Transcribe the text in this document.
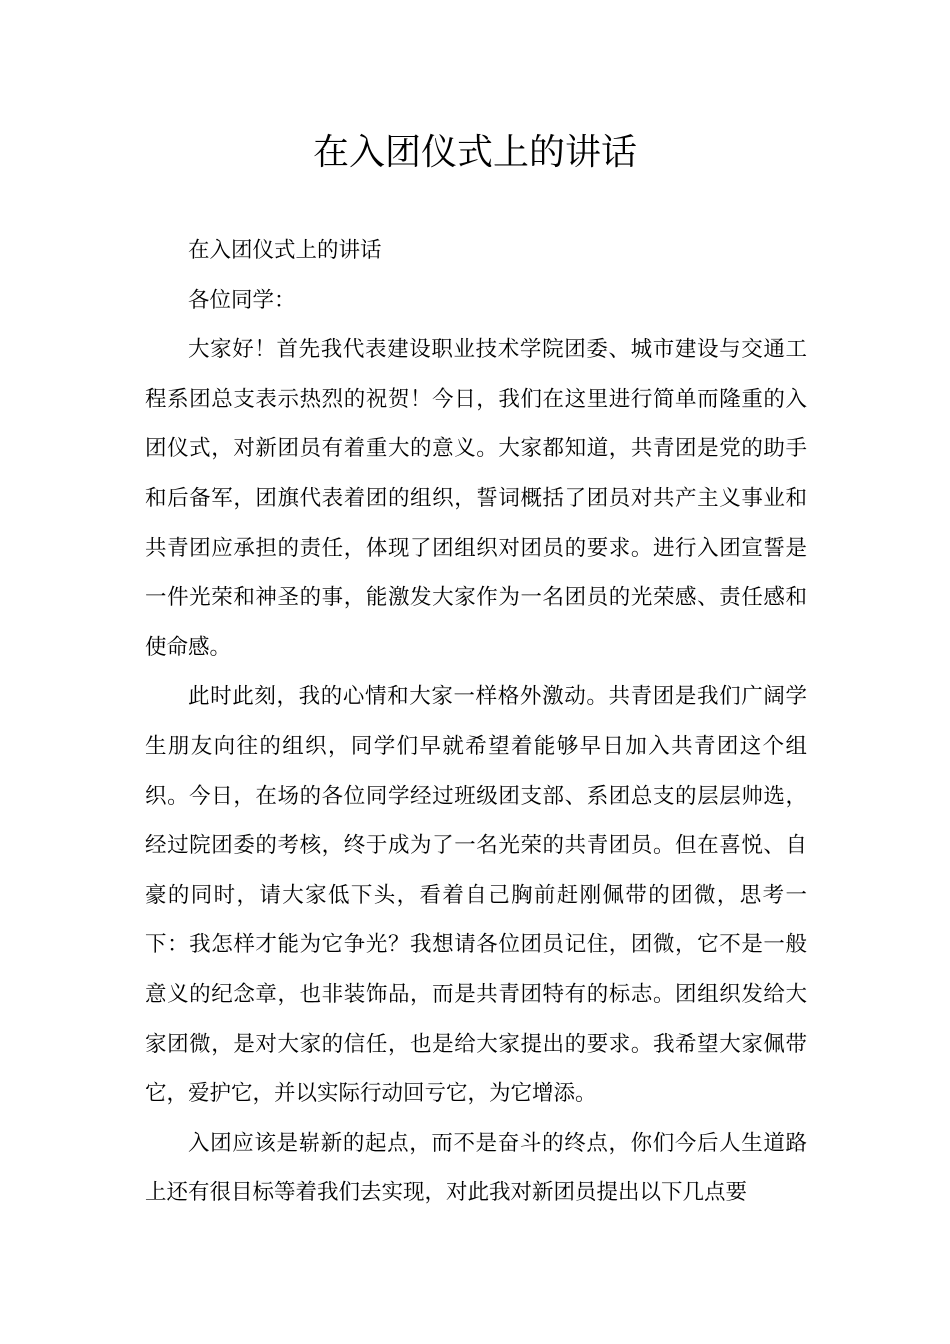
在入团仪式上的讲话

在入团仪式上的讲话

各位同学：

大家好！首先我代表建设职业技术学院团委、城市建设与交通工程系团总支表示热烈的祝贺！今日，我们在这里进行简单而隆重的入团仪式，对新团员有着重大的意义。大家都知道，共青团是党的助手和后备军，团旗代表着团的组织，誓词概括了团员对共产主义事业和共青团应承担的责任，体现了团组织对团员的要求。进行入团宣誓是一件光荣和神圣的事，能激发大家作为一名团员的光荣感、责任感和使命感。

此时此刻，我的心情和大家一样格外激动。共青团是我们广阔学生朋友向往的组织，同学们早就希望着能够早日加入共青团这个组织。今日，在场的各位同学经过班级团支部、系团总支的层层帅选，经过院团委的考核，终于成为了一名光荣的共青团员。但在喜悦、自豪的同时，请大家低下头，看着自己胸前赶刚佩带的团微，思考一下：我怎样才能为它争光？我想请各位团员记住，团微，它不是一般意义的纪念章，也非装饰品，而是共青团特有的标志。团组织发给大家团微，是对大家的信任，也是给大家提出的要求。我希望大家佩带它，爱护它，并以实际行动回亏它，为它增添。

入团应该是崭新的起点，而不是奋斗的终点，你们今后人生道路上还有很目标等着我们去实现，对此我对新团员提出以下几点要
